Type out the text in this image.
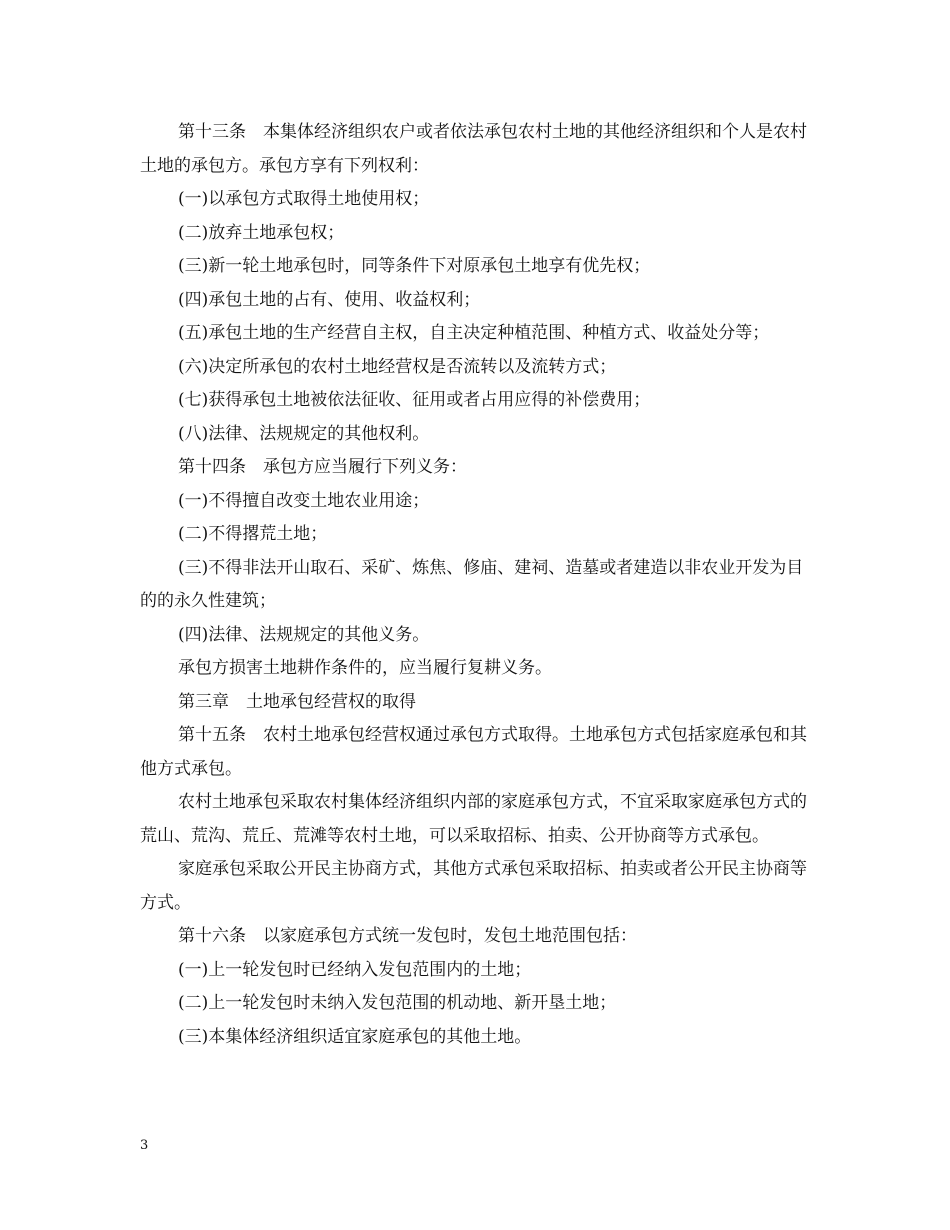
第十三条　本集体经济组织农户或者依法承包农村土地的其他经济组织和个人是农村土地的承包方。承包方享有下列权利：

(一)以承包方式取得土地使用权；

(二)放弃土地承包权；

(三)新一轮土地承包时，同等条件下对原承包土地享有优先权；

(四)承包土地的占有、使用、收益权利；

(五)承包土地的生产经营自主权，自主决定种植范围、种植方式、收益处分等；

(六)决定所承包的农村土地经营权是否流转以及流转方式；

(七)获得承包土地被依法征收、征用或者占用应得的补偿费用；

(八)法律、法规规定的其他权利。

第十四条　承包方应当履行下列义务：

(一)不得擅自改变土地农业用途；

(二)不得撂荒土地；

(三)不得非法开山取石、采矿、炼焦、修庙、建祠、造墓或者建造以非农业开发为目的的永久性建筑；

(四)法律、法规规定的其他义务。

承包方损害土地耕作条件的，应当履行复耕义务。

第三章　土地承包经营权的取得

第十五条　农村土地承包经营权通过承包方式取得。土地承包方式包括家庭承包和其他方式承包。

农村土地承包采取农村集体经济组织内部的家庭承包方式，不宜采取家庭承包方式的荒山、荒沟、荒丘、荒滩等农村土地，可以采取招标、拍卖、公开协商等方式承包。

家庭承包采取公开民主协商方式，其他方式承包采取招标、拍卖或者公开民主协商等方式。

第十六条　以家庭承包方式统一发包时，发包土地范围包括：

(一)上一轮发包时已经纳入发包范围内的土地；

(二)上一轮发包时未纳入发包范围的机动地、新开垦土地；

(三)本集体经济组织适宜家庭承包的其他土地。

3
